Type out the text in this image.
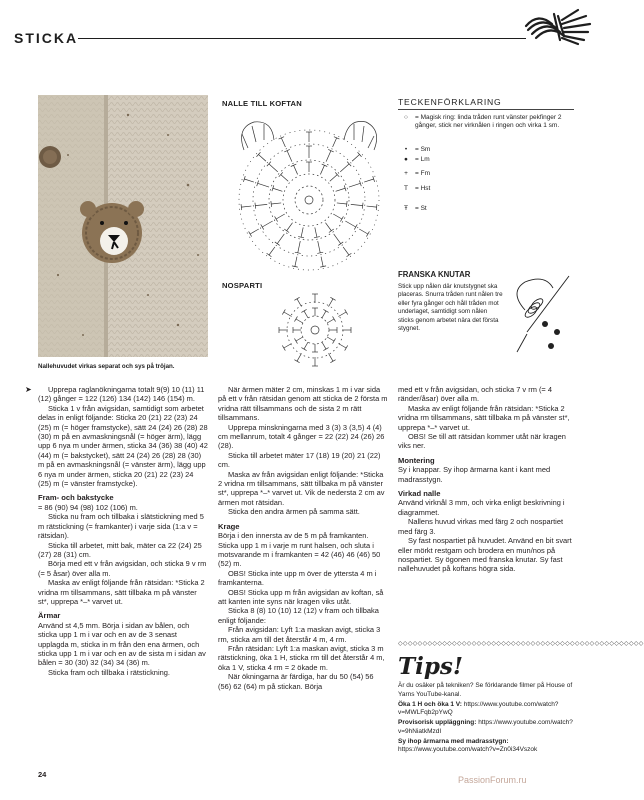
STICKA
Nallehuvudet virkas separat och sys på tröjan.
NALLE TILL KOFTAN
NOSPARTI
TECKENFÖRKLARING
○	= Magisk ring: linda tråden runt vänster pekfinger 2 gånger, stick ner virknålen i ringen och virka 1 sm.
•	= Sm
●	= Lm
+	= Fm
T	= Hst
Ŧ	= St
FRANSKA KNUTAR
Stick upp nålen där knutstygnet ska placeras. Snurra tråden runt nålen tre eller fyra gånger och håll tråden mot underlaget, samtidigt som nålen sticks genom arbetet nära det första stygnet.
➤	Upprepa raglanökningarna totalt 9(9) 10 (11) 11 (12) gånger = 122 (126) 134 (142) 146 (154) m.

Sticka 1 v från avigsidan, samtidigt som arbetet delas in enligt följande: Sticka 20 (21) 22 (23) 24 (25) m (= höger framstycke), sätt 24 (24) 26 (28) 28 (30) m på en avmaskningsnål (= höger ärm), lägg upp 6 nya m under ärmen, sticka 34 (36) 38 (40) 42 (44) m (= bakstycket), sätt 24 (24) 26 (28) 28 (30) m på en avmaskningsnål (= vänster ärm), lägg upp 6 nya m under ärmen, sticka 20 (21) 22 (23) 24 (25) m (= vänster framstycke).

Fram- och bakstycke

= 86 (90) 94 (98) 102 (106) m.

Sticka nu fram och tillbaka i slätstickning med 5 m rätstickning (= framkanter) i varje sida (1:a v = rätsidan).

Sticka till arbetet, mitt bak, mäter ca 22 (24) 25 (27) 28 (31) cm.

Börja med ett v från avigsidan, och sticka 9 v rm (= 5 åsar) över alla m.

Maska av enligt följande från rätsidan: *Sticka 2 vridna rm tillsammans, sätt tillbaka m på vänster st*, upprepa *–* varvet ut.

Ärmar

Använd st 4,5 mm. Börja i sidan av bålen, och sticka upp 1 m i var och en av de 3 senast upplagda m, sticka in m från den ena ärmen, och sticka upp 1 m i var och en av de sista m i sidan av bålen = 30 (30) 32 (34) 34 (36) m.

Sticka fram och tillbaka i rätstickning.

När ärmen mäter 2 cm, minskas 1 m i var sida på ett v från rätsidan genom att sticka de 2 första m vridna rätt tillsammans och de sista 2 m rätt tillsammans.

Upprepa minskningarna med 3 (3) 3 (3,5) 4 (4) cm mellanrum, totalt 4 gånger = 22 (22) 24 (26) 26 (28).

Sticka till arbetet mäter 17 (18) 19 (20) 21 (22) cm.

Maska av från avigsidan enligt följande: *Sticka 2 vridna rm tillsammans, sätt tillbaka m på vänster st*, upprepa *–* varvet ut. Vik de nedersta 2 cm av ärmen mot rätsidan.

Sticka den andra ärmen på samma sätt.

Krage

Börja i den innersta av de 5 m på framkanten. Sticka upp 1 m i varje m runt halsen, och sluta i motsvarande m i framkanten = 42 (46) 46 (46) 50 (52) m.

OBS! Sticka inte upp m över de yttersta 4 m i framkanterna.

OBS! Sticka upp m från avigsidan av koftan, så att kanten inte syns när kragen viks utåt.

Sticka 8 (8) 10 (10) 12 (12) v fram och tillbaka enligt följande:

Från avigsidan: Lyft 1:a maskan avigt, sticka 3 rm, sticka am till det återstår 4 m, 4 rm.

Från rätsidan: Lyft 1:a maskan avigt, sticka 3 m rätstickning, öka 1 H, sticka rm till det återstår 4 m, öka 1 V, sticka 4 rm = 2 ökade m.

När ökningarna är färdiga, har du 50 (54) 56 (56) 62 (64) m på stickan. Börja

med ett v från avigsidan, och sticka 7 v rm (= 4 ränder/åsar) över alla m.

Maska av enligt följande från rätsidan: *Sticka 2 vridna rm tillsammans, sätt tillbaka m på vänster st*, upprepa *–* varvet ut.

OBS! Se till att rätsidan kommer utåt när kragen viks ner.

Montering

Sy i knappar. Sy ihop ärmarna kant i kant med madrasstygn.

Virkad nalle

Använd virknål 3 mm, och virka enligt beskrivning i diagrammet.

Nallens huvud virkas med färg 2 och nospartiet med färg 3.

Sy fast nospartiet på huvudet. Använd en bit svart eller mörkt restgarn och brodera en mun/nos på nospartiet. Sy ögonen med franska knutar. Sy fast nallehuvudet på koftans högra sida.

◇◇◇◇◇◇◇◇◇◇◇◇◇◇◇◇◇◇◇◇◇◇◇◇◇◇◇◇◇◇◇◇◇◇◇◇◇◇◇◇◇◇◇◇◇◇◇◇◇◇
Tips!

Är du osäker på tekniken? Se förklarande filmer på House of Yarns YouTube-kanal.

Öka 1 H och öka 1 V: https://www.youtube.com/watch?v=MWLFqb2pYwQ

Provisorisk uppläggning: https://www.youtube.com/watch?v=9hNiatkMzdI

Sy ihop ärmarna med madrasstygn: https://www.youtube.com/watch?v=Zn0i34Vszok

24
PassionForum.ru
